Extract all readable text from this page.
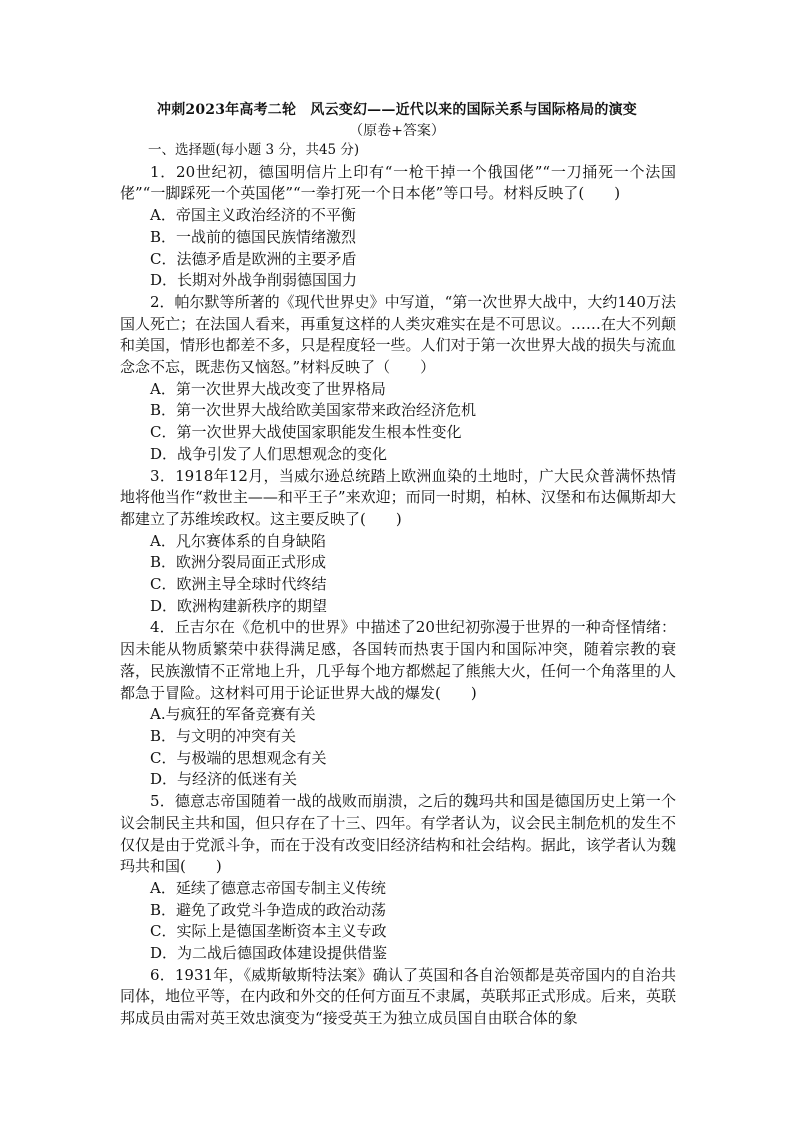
冲刺2023年高考二轮　风云变幻——近代以来的国际关系与国际格局的演变
（原卷+答案）

一、选择题(每小题 3 分，共45 分)

1．20世纪初，德国明信片上印有“一枪干掉一个俄国佬”“一刀捅死一个法国佬”“一脚踩死一个英国佬”“一拳打死一个日本佬”等口号。材料反映了(　　)

A．帝国主义政治经济的不平衡

B．一战前的德国民族情绪激烈

C．法德矛盾是欧洲的主要矛盾

D．长期对外战争削弱德国国力

2．帕尔默等所著的《现代世界史》中写道，“第一次世界大战中，大约140万法国人死亡；在法国人看来，再重复这样的人类灾难实在是不可思议。……在大不列颠和美国，情形也都差不多，只是程度轻一些。人们对于第一次世界大战的损失与流血念念不忘，既悲伤又恼怒。”材料反映了（　　）

A．第一次世界大战改变了世界格局

B．第一次世界大战给欧美国家带来政治经济危机

C．第一次世界大战使国家职能发生根本性变化

D．战争引发了人们思想观念的变化

3．1918年12月，当威尔逊总统踏上欧洲血染的土地时，广大民众普满怀热情地将他当作“救世主——和平王子”来欢迎；而同一时期，柏林、汉堡和布达佩斯却大都建立了苏维埃政权。这主要反映了(　　)

A．凡尔赛体系的自身缺陷

B．欧洲分裂局面正式形成

C．欧洲主导全球时代终结

D．欧洲构建新秩序的期望

4．丘吉尔在《危机中的世界》中描述了20世纪初弥漫于世界的一种奇怪情绪：因未能从物质繁荣中获得满足感，各国转而热衷于国内和国际冲突，随着宗教的衰落，民族激情不正常地上升，几乎每个地方都燃起了熊熊大火，任何一个角落里的人都急于冒险。这材料可用于论证世界大战的爆发(　　)

A.与疯狂的军备竞赛有关

B．与文明的冲突有关

C．与极端的思想观念有关

D．与经济的低迷有关

5．德意志帝国随着一战的战败而崩溃，之后的魏玛共和国是德国历史上第一个议会制民主共和国，但只存在了十三、四年。有学者认为，议会民主制危机的发生不仅仅是由于党派斗争，而在于没有改变旧经济结构和社会结构。据此，该学者认为魏玛共和国(　　)

A．延续了德意志帝国专制主义传统

B．避免了政党斗争造成的政治动荡

C．实际上是德国垄断资本主义专政

D．为二战后德国政体建设提供借鉴

6．1931年，《威斯敏斯特法案》确认了英国和各自治领都是英帝国内的自治共同体，地位平等，在内政和外交的任何方面互不隶属，英联邦正式形成。后来，英联邦成员由需对英王效忠演变为“接受英王为独立成员国自由联合体的象
